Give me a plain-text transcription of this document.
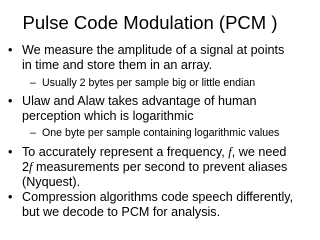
Pulse Code Modulation (PCM )
• We measure the amplitude of a signal at points in time and store them in an array.
– Usually 2 bytes per sample big or little endian
• Ulaw and Alaw takes advantage of human perception which is logarithmic
– One byte per sample containing logarithmic values
• To accurately represent a frequency, f, we need 2f measurements per second to prevent aliases (Nyquest).
• Compression algorithms code speech differently, but we decode to PCM for analysis.
